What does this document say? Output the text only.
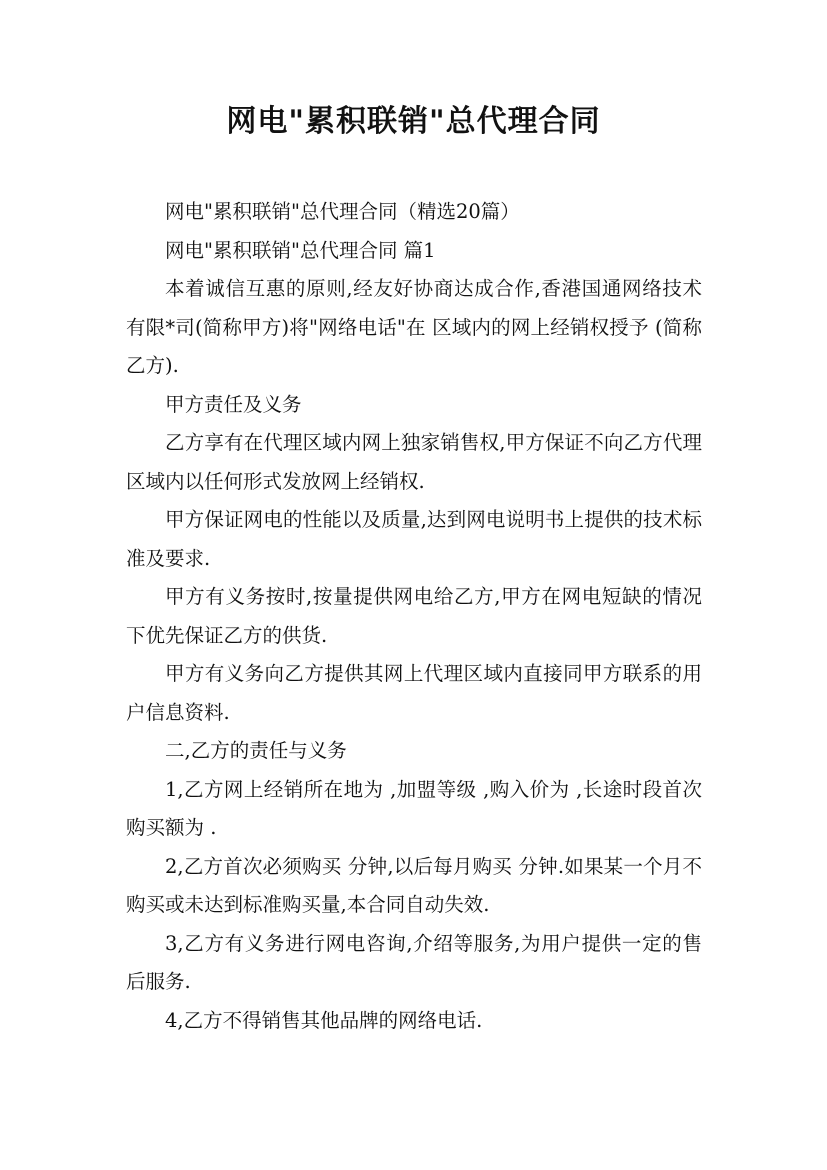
网电"累积联销"总代理合同

网电"累积联销"总代理合同（精选20篇）

网电"累积联销"总代理合同 篇1

本着诚信互惠的原则,经友好协商达成合作,香港国通网络技术有限*司(简称甲方)将"网络电话"在 区域内的网上经销权授予 (简称乙方).

甲方责任及义务

乙方享有在代理区域内网上独家销售权,甲方保证不向乙方代理区域内以任何形式发放网上经销权.

甲方保证网电的性能以及质量,达到网电说明书上提供的技术标准及要求.

甲方有义务按时,按量提供网电给乙方,甲方在网电短缺的情况下优先保证乙方的供货.

甲方有义务向乙方提供其网上代理区域内直接同甲方联系的用户信息资料.

二,乙方的责任与义务

1,乙方网上经销所在地为 ,加盟等级 ,购入价为 ,长途时段首次购买额为 .

2,乙方首次必须购买 分钟,以后每月购买 分钟.如果某一个月不购买或未达到标准购买量,本合同自动失效.

3,乙方有义务进行网电咨询,介绍等服务,为用户提供一定的售后服务.

4,乙方不得销售其他品牌的网络电话.
